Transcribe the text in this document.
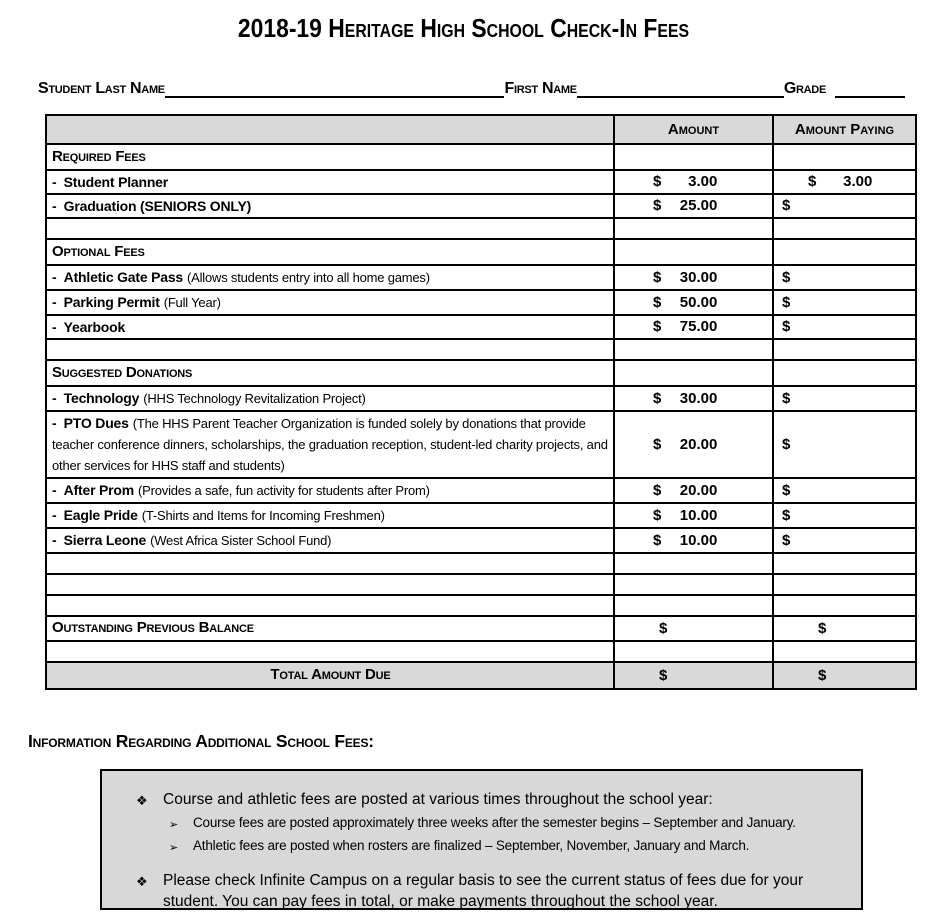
2018-19 Heritage High School Check-In Fees
Student Last Name	First Name	Grade
	Amount	Amount Paying
Required Fees		
- Student Planner	$ 3.00	$ 3.00
- Graduation (SENIORS ONLY)	$ 25.00	$

Optional Fees		
- Athletic Gate Pass (Allows students entry into all home games)	$ 30.00	$
- Parking Permit (Full Year)	$ 50.00	$
- Yearbook	$ 75.00	$

Suggested Donations		
- Technology (HHS Technology Revitalization Project)	$ 30.00	$
- PTO Dues (The HHS Parent Teacher Organization is funded solely by donations that provide teacher conference dinners, scholarships, the graduation reception, student-led charity projects, and other services for HHS staff and students)	$ 20.00	$
- After Prom (Provides a safe, fun activity for students after Prom)	$ 20.00	$
- Eagle Pride (T-Shirts and Items for Incoming Freshmen)	$ 10.00	$
- Sierra Leone (West Africa Sister School Fund)	$ 10.00	$

Outstanding Previous Balance	$	$

Total Amount Due	$	$
Information Regarding Additional School Fees:
❖ Course and athletic fees are posted at various times throughout the school year:
➢	Course fees are posted approximately three weeks after the semester begins – September and January.
➢	Athletic fees are posted when rosters are finalized – September, November, January and March.
❖ Please check Infinite Campus on a regular basis to see the current status of fees due for your student. You can pay fees in total, or make payments throughout the school year.
